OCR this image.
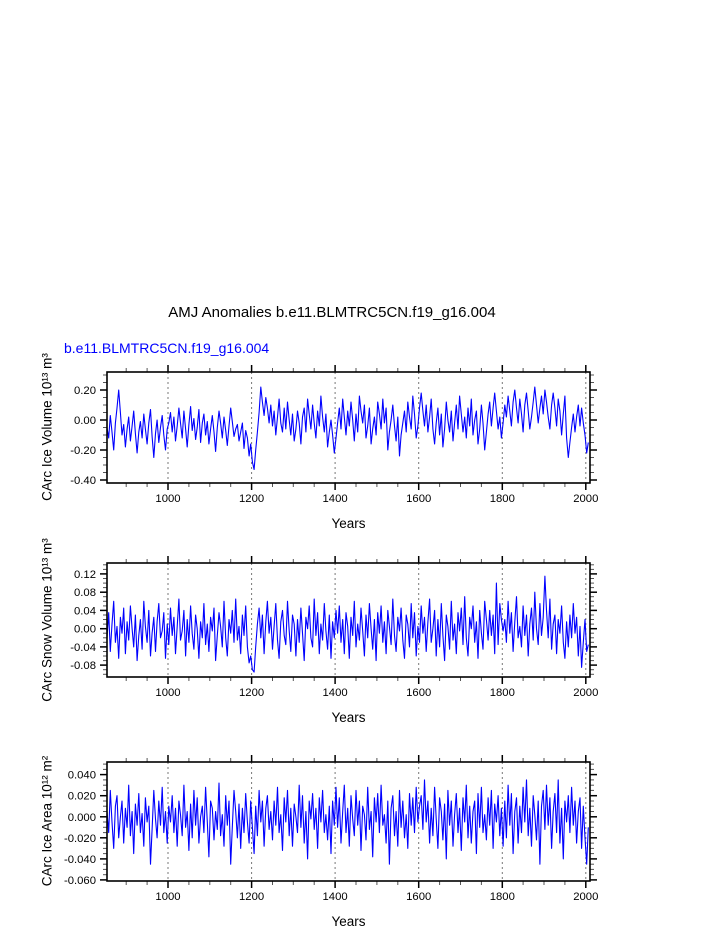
AMJ Anomalies b.e11.BLMTRC5CN.f19_g16.004
b.e11.BLMTRC5CN.f19_g16.004
1000	1200	1400	1600	1800	2000
0.20
0.00
-0.20
-0.40
1000	1200	1400	1600	1800	2000
0.12
0.08
0.04
0.00
-0.04
-0.08
1000	1200	1400	1600	1800	2000
0.040
0.020
0.000
-0.020
-0.040
-0.060
CArc Ice Volume 10¹³ m³
CArc Snow Volume 10¹³ m³
CArc Ice Area 10¹² m²
Years
Years
Years
